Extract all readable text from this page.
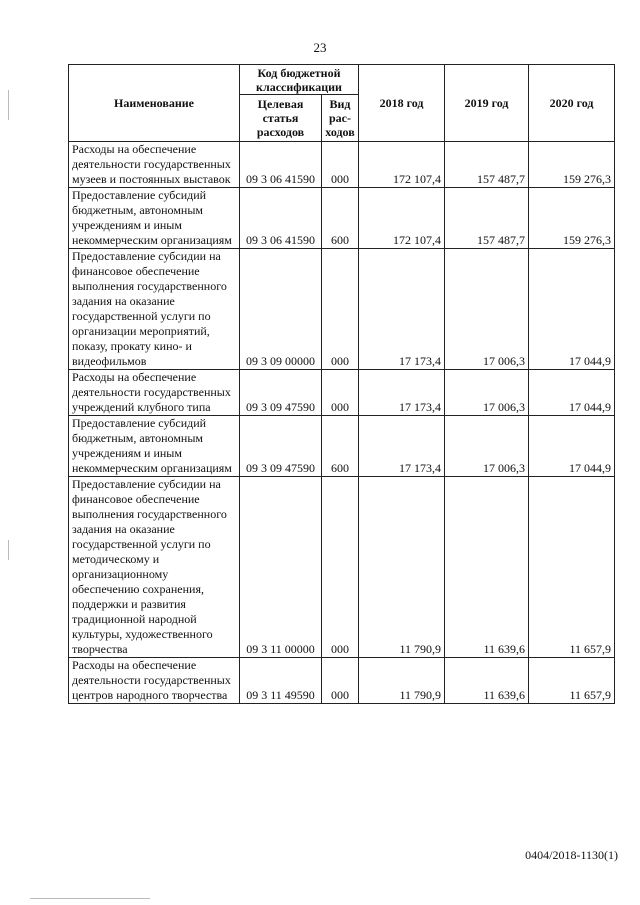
23
Наименование	Код бюджетной классификации		2018 год	2019 год	2020 год
	Целевая статья расходов	Вид рас-ходов			
Расходы на обеспечение деятельности государственных музеев и постоянных выставок	09 3 06 41590	000	172 107,4	157 487,7	159 276,3
Предоставление субсидий бюджетным, автономным учреждениям и иным некоммерческим организациям	09 3 06 41590	600	172 107,4	157 487,7	159 276,3
Предоставление субсидии на финансовое обеспечение выполнения государственного задания на оказание государственной услуги по организации мероприятий, показу, прокату кино- и видеофильмов	09 3 09 00000	000	17 173,4	17 006,3	17 044,9
Расходы на обеспечение деятельности государственных учреждений клубного типа	09 3 09 47590	000	17 173,4	17 006,3	17 044,9
Предоставление субсидий бюджетным, автономным учреждениям и иным некоммерческим организациям	09 3 09 47590	600	17 173,4	17 006,3	17 044,9
Предоставление субсидии на финансовое обеспечение выполнения государственного задания на оказание государственной услуги по методическому и организационному обеспечению сохранения, поддержки и развития традиционной народной культуры, художественного творчества	09 3 11 00000	000	11 790,9	11 639,6	11 657,9
Расходы на обеспечение деятельности государственных центров народного творчества	09 3 11 49590	000	11 790,9	11 639,6	11 657,9
0404/2018-1130(1)
